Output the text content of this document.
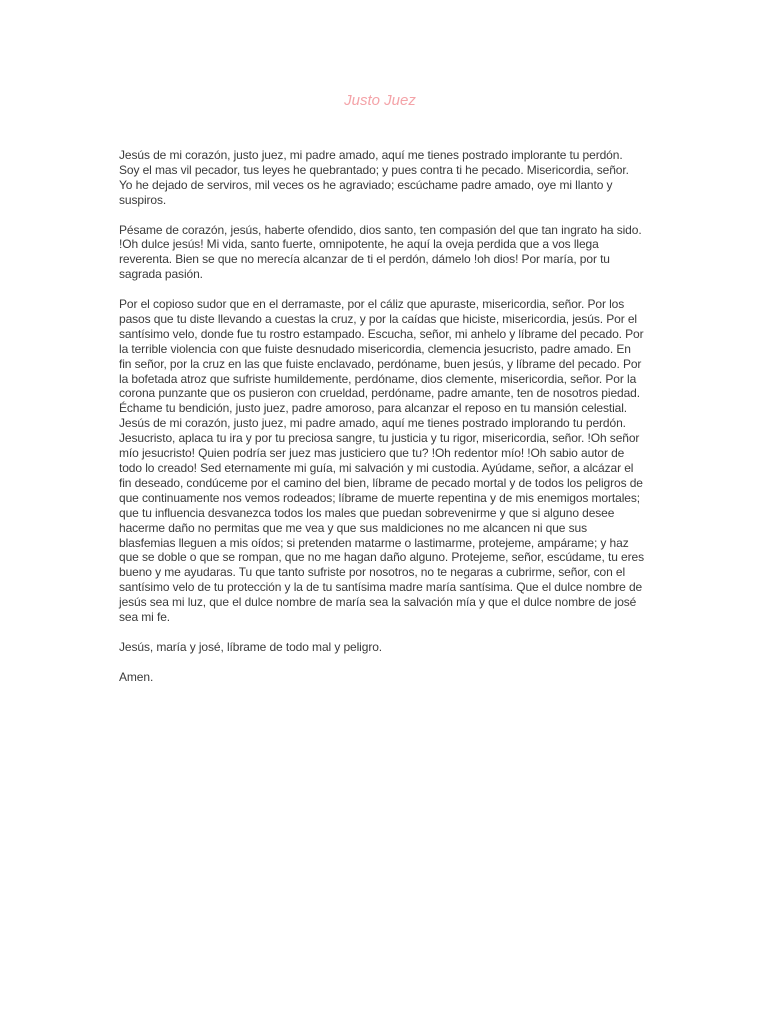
Justo Juez

Jesús de mi corazón, justo juez, mi padre amado, aquí me tienes postrado implorante tu perdón. Soy el mas vil pecador, tus leyes he quebrantado; y pues contra ti he pecado. Misericordia, señor. Yo he dejado de serviros, mil veces os he agraviado; escúchame padre amado, oye mi llanto y suspiros.

Pésame de corazón, jesús, haberte ofendido, dios santo, ten compasión del que tan ingrato ha sido. !Oh dulce jesús! Mi vida, santo fuerte, omnipotente, he aquí la oveja perdida que a vos llega reverenta. Bien se que no merecía alcanzar de ti el perdón, dámelo !oh dios! Por maría, por tu sagrada pasión.

Por el copioso sudor que en el derramaste, por el cáliz que apuraste, misericordia, señor. Por los pasos que tu diste llevando a cuestas la cruz, y por la caídas que hiciste, misericordia, jesús. Por el santísimo velo, donde fue tu rostro estampado. Escucha, señor, mi anhelo y líbrame del pecado. Por la terrible violencia con que fuiste desnudado misericordia, clemencia jesucristo, padre amado. En fin señor, por la cruz en las que fuiste enclavado, perdóname, buen jesús, y líbrame del pecado. Por la bofetada atroz que sufriste humildemente, perdóname, dios clemente, misericordia, señor. Por la corona punzante que os pusieron con crueldad, perdóname, padre amante, ten de nosotros piedad. Échame tu bendición, justo juez, padre amoroso, para alcanzar el reposo en tu mansión celestial. Jesús de mi corazón, justo juez, mi padre amado, aquí me tienes postrado implorando tu perdón. Jesucristo, aplaca tu ira y por tu preciosa sangre, tu justicia y tu rigor, misericordia, señor. !Oh señor mío jesucristo! Quien podría ser juez mas justiciero que tu? !Oh redentor mío! !Oh sabio autor de todo lo creado! Sed eternamente mi guía, mi salvación y mi custodia. Ayúdame, señor, a alcázar el fin deseado, condúceme por el camino del bien, líbrame de pecado mortal y de todos los peligros de que continuamente nos vemos rodeados; líbrame de muerte repentina y de mis enemigos mortales; que tu influencia desvanezca todos los males que puedan sobrevenirme y que si alguno desee hacerme daño no permitas que me vea y que sus maldiciones no me alcancen ni que sus blasfemias lleguen a mis oídos; si pretenden matarme o lastimarme, protejeme, ampárame; y haz que se doble o que se rompan, que no me hagan daño alguno. Protejeme, señor, escúdame, tu eres bueno y me ayudaras. Tu que tanto sufriste por nosotros, no te negaras a cubrirme, señor, con el santísimo velo de tu protección y la de tu santísima madre maría santísima. Que el dulce nombre de jesús sea mi luz, que el dulce nombre de maría sea la salvación mía y que el dulce nombre de josé sea mi fe.

Jesús, maría y josé, líbrame de todo mal y peligro.

Amen.
